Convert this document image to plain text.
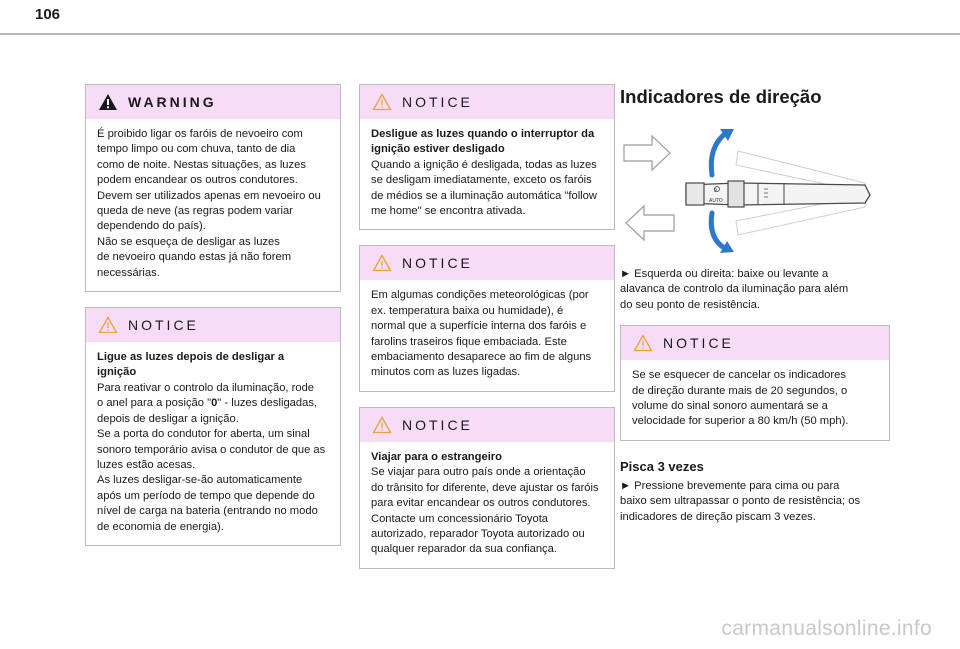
106
WARNING

É proibido ligar os faróis de nevoeiro com

tempo limpo ou com chuva, tanto de dia

como de noite. Nestas situações, as luzes

podem encandear os outros condutores.

Devem ser utilizados apenas em nevoeiro ou

queda de neve (as regras podem variar

dependendo do país).

Não se esqueça de desligar as luzes

de nevoeiro quando estas já não forem

necessárias.

NOTICE

Ligue as luzes depois de desligar a

ignição

Para reativar o controlo da iluminação, rode

o anel para a posição "0" - luzes desligadas,

depois de desligar a ignição.

Se a porta do condutor for aberta, um sinal

sonoro temporário avisa o condutor de que as

luzes estão acesas.

As luzes desligar-se-ão automaticamente

após um período de tempo que depende do

nível de carga na bateria (entrando no modo

de economia de energia).

NOTICE

Desligue as luzes quando o interruptor da

ignição estiver desligado

Quando a ignição é desligada, todas as luzes

se desligam imediatamente, exceto os faróis

de médios se a iluminação automática "follow

me home" se encontra ativada.

NOTICE

Em algumas condições meteorológicas (por

ex. temperatura baixa ou humidade), é

normal que a superfície interna dos faróis e

farolins traseiros fique embaciada. Este

embaciamento desaparece ao fim de alguns

minutos com as luzes ligadas.

NOTICE

Viajar para o estrangeiro

Se viajar para outro país onde a orientação

do trânsito for diferente, deve ajustar os faróis

para evitar encandear os outros condutores.

Contacte um concessionário Toyota

autorizado, reparador Toyota autorizado ou

qualquer reparador da sua confiança.

Indicadores de direção
0
AUTO

► Esquerda ou direita: baixe ou levante a

alavanca de controlo da iluminação para além

do seu ponto de resistência.

NOTICE

Se se esquecer de cancelar os indicadores

de direção durante mais de 20 segundos, o

volume do sinal sonoro aumentará se a

velocidade for superior a 80 km/h (50 mph).

Pisca 3 vezes

► Pressione brevemente para cima ou para

baixo sem ultrapassar o ponto de resistência; os

indicadores de direção piscam 3 vezes.

carmanualsonline.info
